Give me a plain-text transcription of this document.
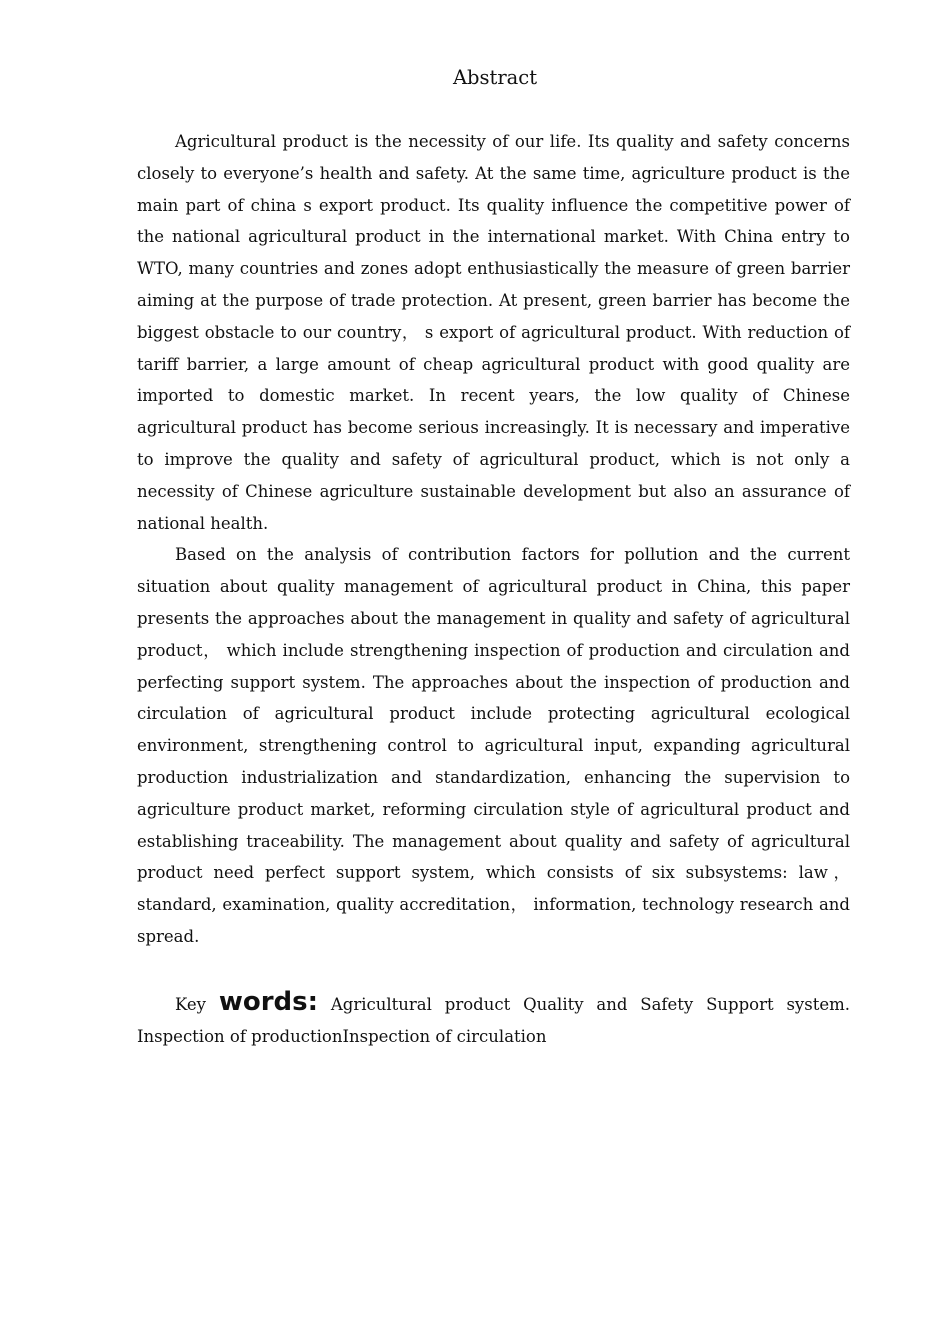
Abstract

Agricultural product is the necessity of our life. Its quality and safety concerns closely to everyone’s health and safety. At the same time, agriculture product is the main part of china s export product. Its quality influence the competitive power of the national agricultural product in the international market. With China entry to WTO, many countries and zones adopt enthusiastically the measure of green barrier aiming at the purpose of trade protection. At present, green barrier has become the biggest obstacle to our country， s export of agricultural product. With reduction of tariff barrier, a large amount of cheap agricultural product with good quality are imported to domestic market. In recent years, the low quality of Chinese agricultural product has become serious increasingly. It is necessary and imperative to improve the quality and safety of agricultural product, which is not only a necessity of Chinese agriculture sustainable development but also an assurance of national health.

Based on the analysis of contribution factors for pollution and the current situation about quality management of agricultural product in China, this paper presents the approaches about the management in quality and safety of agricultural product， which include strengthening inspection of production and circulation and perfecting support system. The approaches about the inspection of production and circulation of agricultural product include protecting agricultural ecological environment, strengthening control to agricultural input, expanding agricultural production industrialization and standardization, enhancing the supervision to agriculture product market, reforming circulation style of agricultural product and establishing traceability. The management about quality and safety of agricultural product need perfect support system, which consists of six subsystems: law， standard, examination, quality accreditation， information, technology research and spread.

Key words: Agricultural product Quality and Safety Support system. Inspection of productionInspection of circulation
